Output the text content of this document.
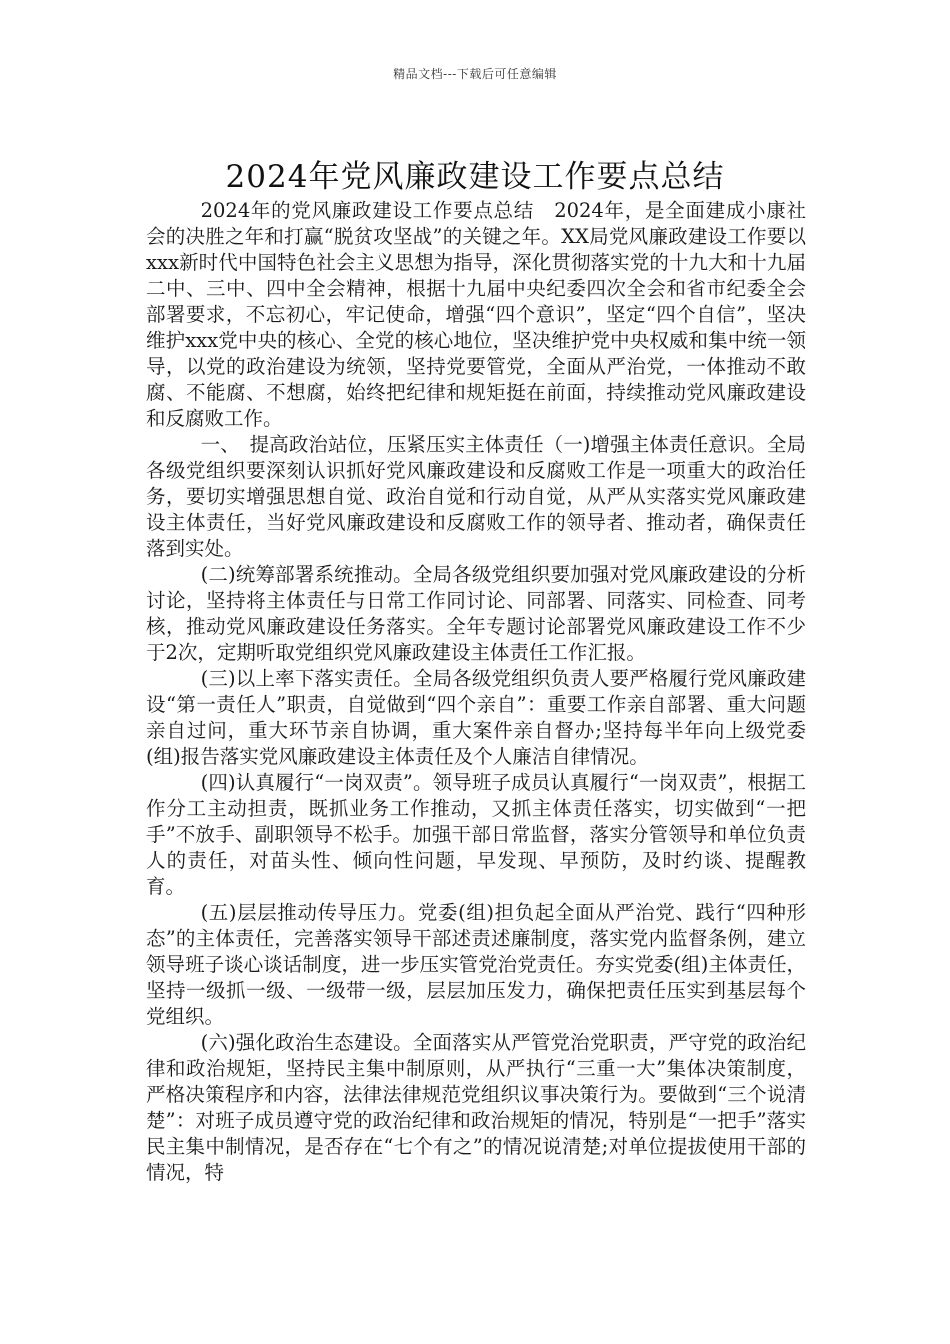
精品文档---下载后可任意编辑
2024年党风廉政建设工作要点总结

2024年的党风廉政建设工作要点总结　2024年，是全面建成小康社会的决胜之年和打赢“脱贫攻坚战”的关键之年。XX局党风廉政建设工作要以xxx新时代中国特色社会主义思想为指导，深化贯彻落实党的十九大和十九届二中、三中、四中全会精神，根据十九届中央纪委四次全会和省市纪委全会部署要求，不忘初心，牢记使命，增强“四个意识”，坚定“四个自信”，坚决维护xxx党中央的核心、全党的核心地位，坚决维护党中央权威和集中统一领导，以党的政治建设为统领，坚持党要管党，全面从严治党，一体推动不敢腐、不能腐、不想腐，始终把纪律和规矩挺在前面，持续推动党风廉政建设和反腐败工作。

一、　提高政治站位，压紧压实主体责任（一)增强主体责任意识。全局各级党组织要深刻认识抓好党风廉政建设和反腐败工作是一项重大的政治任务，要切实增强思想自觉、政治自觉和行动自觉，从严从实落实党风廉政建设主体责任，当好党风廉政建设和反腐败工作的领导者、推动者，确保责任落到实处。

(二)统筹部署系统推动。全局各级党组织要加强对党风廉政建设的分析讨论，坚持将主体责任与日常工作同讨论、同部署、同落实、同检查、同考核，推动党风廉政建设任务落实。全年专题讨论部署党风廉政建设工作不少于2次，定期听取党组织党风廉政建设主体责任工作汇报。

(三)以上率下落实责任。全局各级党组织负责人要严格履行党风廉政建设“第一责任人”职责，自觉做到“四个亲自”：重要工作亲自部署、重大问题亲自过问，重大环节亲自协调，重大案件亲自督办;坚持每半年向上级党委(组)报告落实党风廉政建设主体责任及个人廉洁自律情况。

(四)认真履行“一岗双责”。领导班子成员认真履行“一岗双责”，根据工作分工主动担责，既抓业务工作推动，又抓主体责任落实，切实做到“一把手”不放手、副职领导不松手。加强干部日常监督，落实分管领导和单位负责人的责任，对苗头性、倾向性问题，早发现、早预防，及时约谈、提醒教育。

(五)层层推动传导压力。党委(组)担负起全面从严治党、践行“四种形态”的主体责任，完善落实领导干部述责述廉制度，落实党内监督条例，建立领导班子谈心谈话制度，进一步压实管党治党责任。夯实党委(组)主体责任，坚持一级抓一级、一级带一级，层层加压发力，确保把责任压实到基层每个党组织。

(六)强化政治生态建设。全面落实从严管党治党职责，严守党的政治纪律和政治规矩，坚持民主集中制原则，从严执行“三重一大”集体决策制度，严格决策程序和内容，法律法律规范党组织议事决策行为。要做到“三个说清楚”：对班子成员遵守党的政治纪律和政治规矩的情况，特别是“一把手”落实民主集中制情况，是否存在“七个有之”的情况说清楚;对单位提拔使用干部的情况，特
